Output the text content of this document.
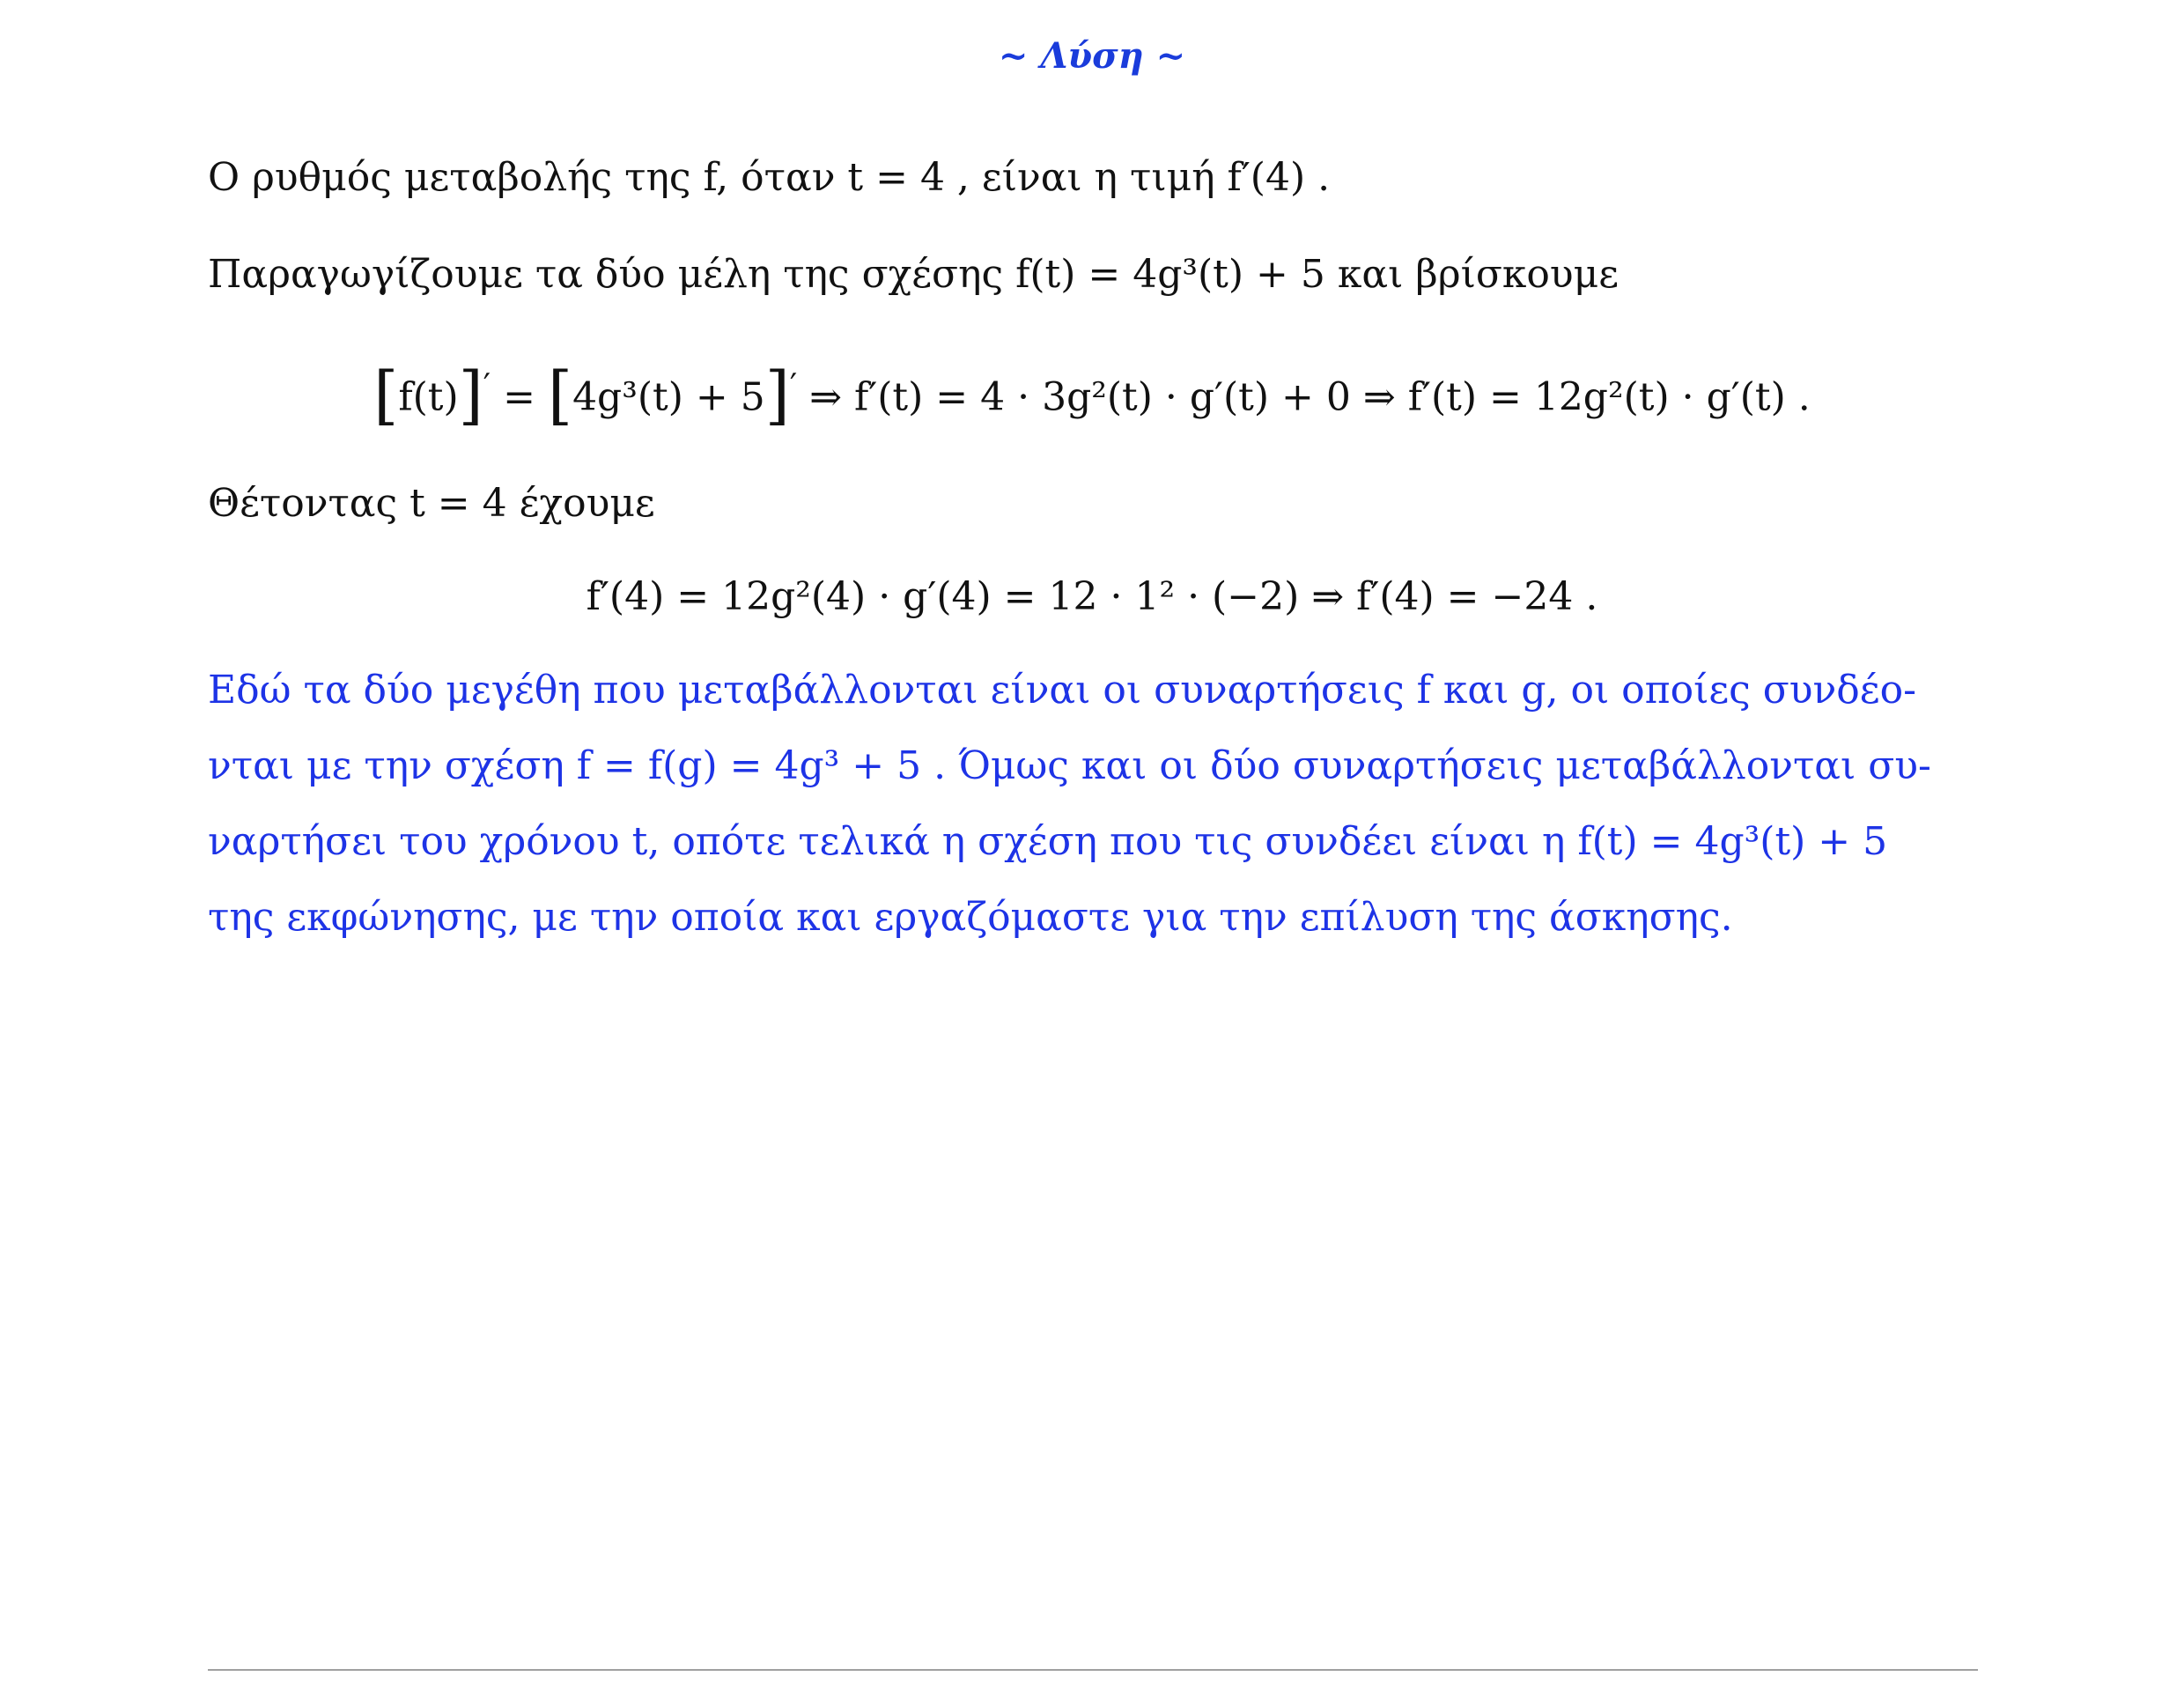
~ Λύση ~
Ο ρυθμός μεταβολής της f, όταν t = 4 , είναι η τιμή f′(4) .
Παραγωγίζουμε τα δύο μέλη της σχέσης f(t) = 4g³(t) + 5 και βρίσκουμε
[f(t)]′ = [4g³(t) + 5]′ ⇒ f′(t) = 4 · 3g²(t) · g′(t) + 0 ⇒ f′(t) = 12g²(t) · g′(t) .
Θέτοντας t = 4 έχουμε
f′(4) = 12g²(4) · g′(4) = 12 · 1² · (−2) ⇒ f′(4) = −24 .
Εδώ τα δύο μεγέθη που μεταβάλλονται είναι οι συναρτήσεις f και g, οι οποίες συνδέο-
νται με την σχέση f = f(g) = 4g³ + 5 . Όμως και οι δύο συναρτήσεις μεταβάλλονται συ-
ναρτήσει του χρόνου t, οπότε τελικά η σχέση που τις συνδέει είναι η f(t) = 4g³(t) + 5
της εκφώνησης, με την οποία και εργαζόμαστε για την επίλυση της άσκησης.
